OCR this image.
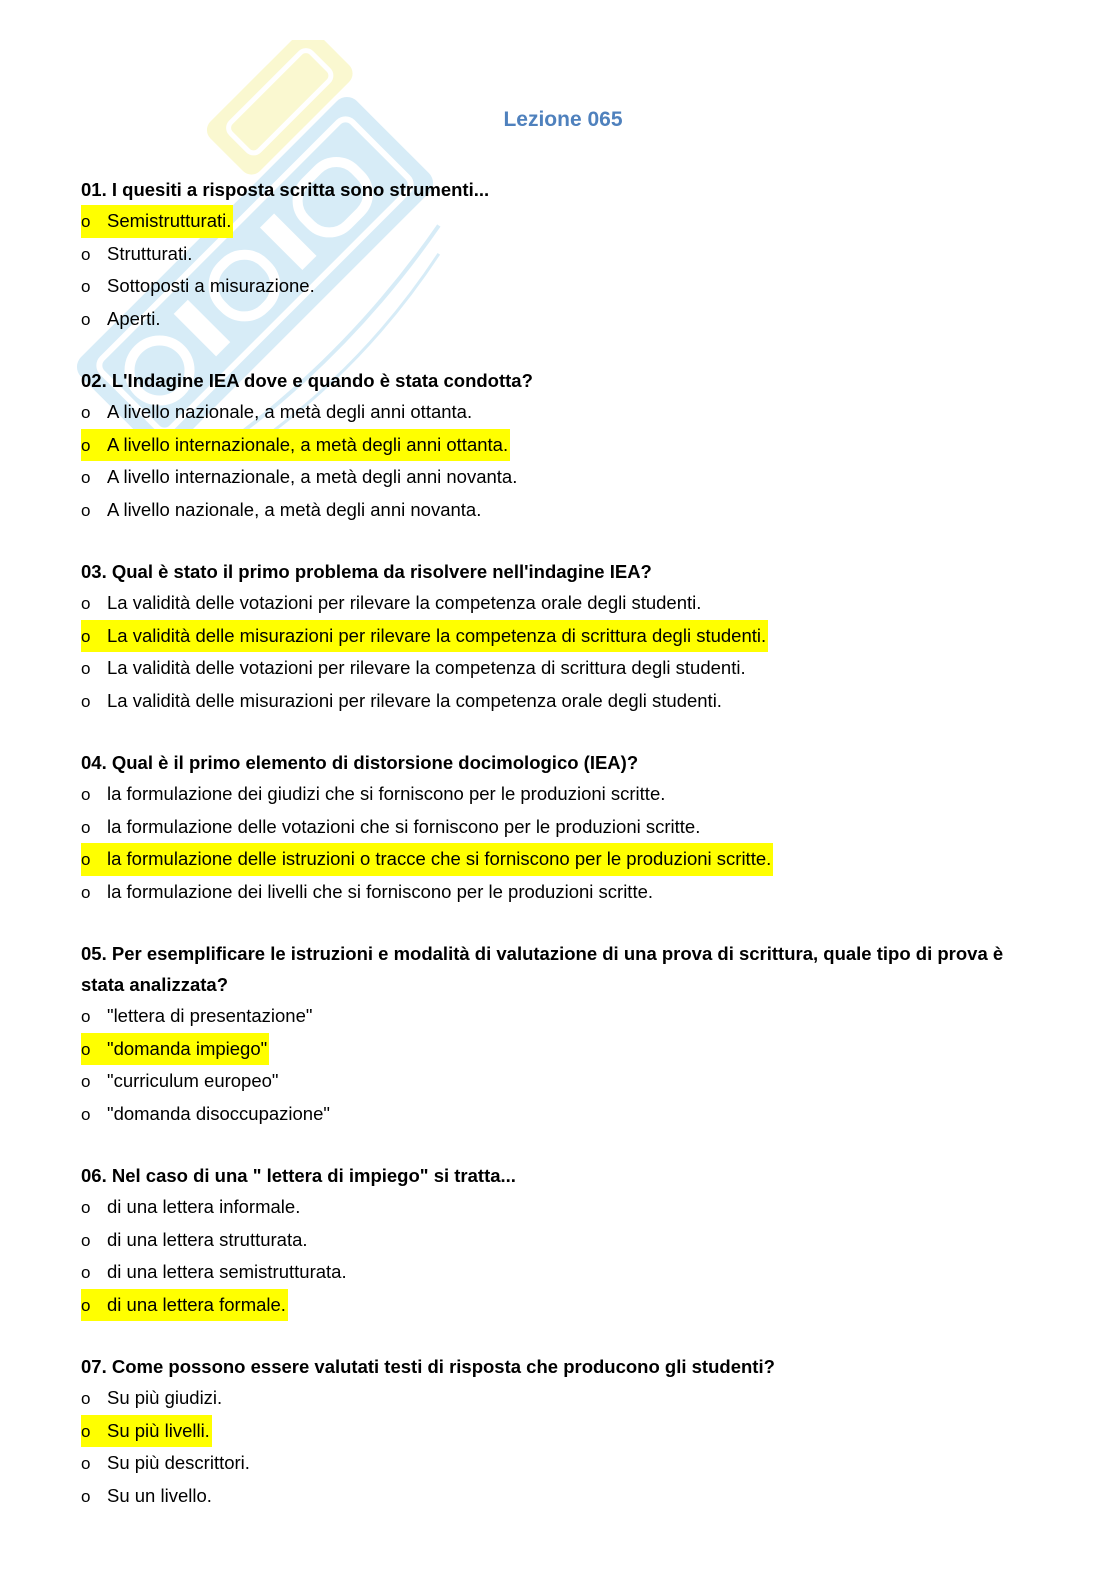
Lezione 065

01. I quesiti a risposta scritta sono strumenti...

o Semistrutturati.
o Strutturati.
o Sottoposti a misurazione.
o Aperti.

02. L'Indagine IEA dove e quando è stata condotta?

o A livello nazionale, a metà degli anni ottanta.
o A livello internazionale, a metà degli anni ottanta.
o A livello internazionale, a metà degli anni novanta.
o A livello nazionale, a metà degli anni novanta.

03. Qual è stato il primo problema da risolvere nell'indagine IEA?

o La validità delle votazioni per rilevare la competenza orale degli studenti.
o La validità delle misurazioni per rilevare la competenza di scrittura degli studenti.
o La validità delle votazioni per rilevare la competenza di scrittura degli studenti.
o La validità delle misurazioni per rilevare la competenza orale degli studenti.

04. Qual è il primo elemento di distorsione docimologico (IEA)?

o la formulazione dei giudizi che si forniscono per le produzioni scritte.
o la formulazione delle votazioni che si forniscono per le produzioni scritte.
o la formulazione delle istruzioni o tracce che si forniscono per le produzioni scritte.
o la formulazione dei livelli che si forniscono per le produzioni scritte.

05. Per esemplificare le istruzioni e modalità di valutazione di una prova di scrittura, quale tipo di prova è stata analizzata?

o "lettera di presentazione"
o "domanda impiego"
o "curriculum europeo"
o "domanda disoccupazione"

06. Nel caso di una " lettera di impiego" si tratta...

o di una lettera informale.
o di una lettera strutturata.
o di una lettera semistrutturata.
o di una lettera formale.

07. Come possono essere valutati testi di risposta che producono gli studenti?

o Su più giudizi.
o Su più livelli.
o Su più descrittori.
o Su un livello.
